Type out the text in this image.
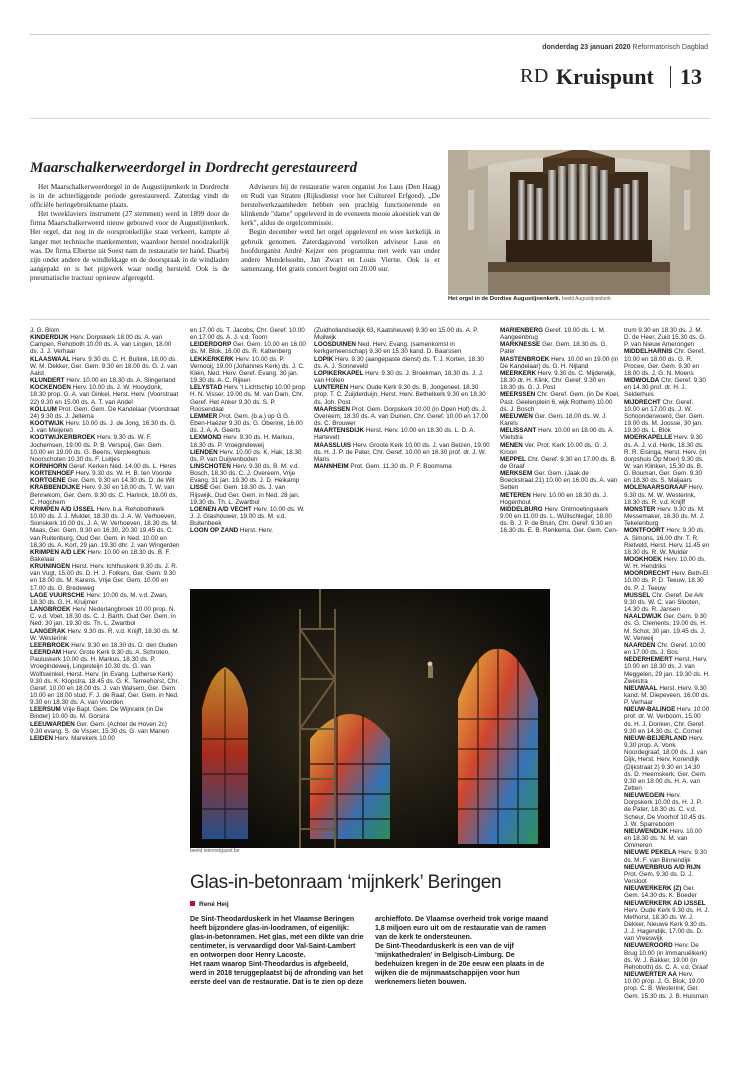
donderdag 23 januari 2020 Reformatorisch Dagblad
RD Kruispunt 13
Maarschalkerweerdorgel in Dordrecht gerestaureerd

Het Maarschalkerweerdorgel in de Augustijnenkerk in Dordrecht is in de achterliggende periode gerestaureerd. Zaterdag vindt de officiële heringebruikname plaats.

Het tweeklaviers instrument (27 stemmen) werd in 1899 door de firma Maarschalkerweerd nieuw gebouwd voor de Augustijnenkerk. Het orgel, dat nog in de oorspronkelijke staat verkeert, kampte al langer met technische mankementen, waardoor herstel noodzakelijk was. De firma Elbertse uit Soest nam de restauratie ter hand. Daarbij zijn onder andere de windlekkage en de doorspraak in de windladen aangepakt en is het pijpwerk waar nodig hersteld. Ook is de pneumatische tractuur opnieuw afgeregeld.

Adviseurs bij de restauratie waren organist Jos Laus (Den Haag) en Rudi van Straten (Rijksdienst voor het Cultureel Erfgoed). „De herstelwerkzaamheden hebben een prachtig functionerende en klinkende "dame" opgeleverd in de eveneens mooie akoestiek van de kerk", aldus de orgelcommissie.

Begin december werd het orgel opgeleverd en weer kerkelijk in gebruik genomen. Zaterdagavond vertolken adviseur Laus en hoofdorganist André Kejzer een programma met werk van onder andere Mendelssohn, Jan Zwart en Louis Vierne. Ook is er samenzang. Het gratis concert begint om 20.00 uur.

Het orgel in de Dordtse Augustijnenkerk. beeld Augustijnenkerk

J. G. Blom

KINDERDIJK Herv. Dorpskerk 18.00 ds. A. van Campen, Rehoboth 10.00 ds. A. van Lingen, 18.00 ds. J. J. Verhaar

KLAASWAAL Herv. 9.30 ds. C. H. Buitink, 18.00 ds. W. M. Dekker, Ger. Gem. 9.30 en 18.00 ds. G. J. van Aalst

KLUNDERT Herv. 10.00 en 18.30 ds. A. Slingerland

KOCKENGEN Herv. 10.00 ds. J. W. Hooydonk, 18.30 prop. G. A. van Ginkel, Herst. Herv. (Voorstraat 22) 9.30 en 15.00 ds. A. T. van Andel

KOLLUM Prot. Gem. Gem. De Kandelaar (Voorstraat 24) 9.30 ds. J. Jeltema

KOOTWIJK Herv. 10.00 ds. J. de Jong, 16.30 ds. G. J. van Meijeren

KOOTWIJKERBROEK Herv. 9.30 ds. W. F. Jochemsen, 19.00 ds. P. B. Verspuij, Ger. Gem. 10.00 en 19.00 ds. G. Beens, Verpleeghuis Noorschoten 10.30 ds. F. Luitjes

KORNHORN Geref. Kerken Ned. 14.00 ds. L. Heres

KORTENHOEF Herv. 9.30 ds. W. H. B. ten Voorde

KORTGENE Ger. Gem. 9.30 en 14.30 ds. D. de Wit

KRABBENDIJKE Herv. 9.30 en 18.00 ds. T. W. van Bennekom, Ger. Gem. 9.30 ds. C. Harinck, 18.00 ds. C. Hogchem

KRIMPEN A/D IJSSEL Herv. b.a. Rehobothkerk 10.00 ds. J. J. Mulder, 18.30 ds. J. A. W. Verhoeven, Sionskerk 10.00 ds. J. A. W. Verhoeven, 18.30 ds. M. Maas, Ger. Gem. 9.30 en 16.30, 20.30 19.45 ds. C. van Ruitenburg, Oud Ger. Gem. in Ned. 10.00 en 18.30 ds. A. Kort, 29 jan. 19.30 dhr. J. van Wingerden

KRIMPEN A/D LEK Herv. 10.00 en 18.30 ds. B. F. Bakelaar

KRUININGEN Herst. Herv. Ichthuskerk 9.30 ds. J. R. van Vugt, 15.00 ds. D. H. J. Folkers, Ger. Gem. 9.30 en 18.00 ds. M. Karens, Vrije Ger. Gem. 10.00 en 17.00 ds. G. Bredeweg

LAGE VUURSCHE Herv. 10.00 ds. M. v.d. Zwan, 18.30 ds. G. H. Kruijmer

LANGBROEK Herv. Nederlangbroek 10.00 prop. N. C. v.d. Voet, 18.30 ds. C. J. Barth, Oud Ger. Gem. in Ned. 30 jan. 19.30 ds. Th. L. Zwartbol

LANGERAK Herv. 9.30 ds. R. v.d. Knijff, 18.30 ds. M. W. Westerink

LEERBROEK Herv. 9.30 en 18.30 ds. D. den Ouden

LEERDAM Herv. Grote Kerk 9.30 ds. A. Schroten, Pauluskerk 10.00 ds. H. Markus, 18.30 ds. P. Vroegindeweij, Lingesteijn 10.30 ds. G. van Wolfswinkel, Herst. Herv. (in Evang. Lutherse Kerk) 9.30 ds. K. Klopstra, 18.45 ds. G. K. Terreehorst, Chr. Geref. 10.00 en 18.00 ds. J. van Walsem, Ger. Gem. 10.00 en 18.00 stud. F. J. de Raaf, Ger. Gem. in Ned. 9.30 en 18.30 ds. A. van Voorden

LEERSUM Vrije Bapt. Gem. De Wijnrank (in De Binder) 10.00 ds. M. Gorsira

LEEUWARDEN Ger. Gem. (Achter de Hoven 2c) 9.30 evang. S. de Visser, 15.30 ds. G. van Manen

LEIDEN Herv. Marekerk 10.00

en 17.00 ds. T. Jacobs, Chr. Geref. 10.00 en 17.00 ds. A. J. v.d. Toorn

LEIDERDORP Ger. Gem. 10.00 en 16.00 ds. M. Blok, 16.00 ds. R. Kattenberg

LEKKERKERK Herv. 10.00 ds. P. Vernooij, 19.00 (Johannes Kerk) ds. J. C. Klein, Ned. Herv. Geref. Evang. 30 jan. 19.30 ds. A. C. Rijken

LELYSTAD Herv. 't Lichtschip 10.00 prop. H. N. Visser, 19.00 ds. M. van Dam, Chr. Geref. Het Anker 9.30 ds. S. P. Roosendaal

LEMMER Prot. Gem. (b.a.) op G.G. Eben-Haëzer 9.30 ds. G. Oberink, 16.00 ds. J. A. A. Geerts

LEXMOND Herv. 9.30 ds. H. Markus, 18.30 ds. P. Vroegindeweij

LIENDEN Herv. 10.00 ds. K. Hak, 18.30 ds. P. van Duijvenboden

LINSCHOTEN Herv. 9.30 ds. B. M. v.d. Bosch, 18.30 ds. C. J. Overeem, Vrije Evang. 31 jan. 19.30 ds. J. D. Heikamp

LISSE Ger. Gem. 18.30 ds. J. van Rijswijk, Oud Ger. Gem. in Ned. 28 jan. 19.30 ds. Th. L. Zwartbol

LOENEN A/D VECHT Herv. 10.00 ds. W. J. J. Glashouwer, 19.00 ds. M. v.d. Buitenbeek

LOON OP ZAND Herst. Herv.

(Zuidhollandsedijk 63, Kaatsheuvel) 9.30 en 15.00 ds. A. P. Muilwijk

LOOSDUINEN Ned. Herv. Evang. (samenkomst in kerkgemeenschap) 9.30 en 15.30 kand. D. Baarssen

LOPIK Herv. 9.30 (aangepaste dienst) ds. T. J. Korten, 18.30 ds. A. J. Sonneveld

LOPIKERKAPEL Herv. 9.30 ds. J. Broekman, 18.30 ds. J. J. van Holten

LUNTEREN Herv. Oude Kerk 9.30 ds. B. Jongeneel, 18.30 prop. T. C. Zuijderduijn, Herst. Herv. Bethelkerk 9.30 en 18.30 ds. Joh. Post

MAARSSEN Prot. Gem. Dorpskerk 10.00 (in Open Hof) ds. J. Overeem, 18.30 ds. A. van Duinen, Chr. Geref. 10.00 en 17.00 ds. C. Brouwer

MAARTENSDIJK Herst. Herv. 10.00 en 18.30 ds. L. D. A. Hartevelt

MAASSLUIS Herv. Groote Kerk 10.00 ds. J. van Belzen, 19.00 ds. H. J. P. de Pater, Chr. Geref. 10.00 en 16.30 prof. dr. J. W. Maris

MANNHEIM Prot. Gem. 11.30 ds. P. F. Boomsma

MARIËNBERG Geref. 19.00 ds. L. M. Aangeenbrug

MARKNESSE Ger. Gem. 18.30 ds. G. Pater

MASTENBROEK Herv. 10.00 en 19.00 (in De Kandelaar) ds. G. H. Nijland

MEERKERK Herv. 9.30 ds. C. Mijderwijk, 18.30 dr. H. Klink, Chr. Geref. 9.30 en 18.30 ds. G. J. Post

MEERSSEN Chr. Geref. Gem. (in De Koel, Past. Geelenplein 6, wijk Rothem) 10.00 ds. J. Bosch

MEEUWEN Ger. Gem. 18.00 ds. W. J. Karels

MELISSANT Herv. 10.00 en 18.00 ds. A. Vlietstra

MENEN Ver. Prot. Kerk 10.00 ds. G. J. Kroon

MEPPEL Chr. Geref. 9.30 en 17.00 ds. B. de Graaf

MERKSEM Ger. Gem. (Jaak de Boeckstraat 21) 10.00 en 16.00 ds. A. van Setten

METEREN Herv. 10.00 en 18.30 ds. J. Hogenhout

MIDDELBURG Herv. Ontmoetingskerk 9.00 en 11.00 ds. L. Wüllschleger, 18.00 ds. B. J. P. de Bruin, Chr. Geref. 9.30 en 16.30 ds. E. B. Renkema, Ger. Gem. Cen-

trum 9.30 en 18.30 ds. J. M. D. de Heer, Zuid 15.30 ds. G. P. van Nieuw Amerongen

MIDDELHARNIS Chr. Geref. 10.00 en 18.00 ds. G. R. Procee, Ger. Gem. 9.30 en 18.00 ds. J. G. N. Moens

MIDWOLDA Chr. Geref. 9.30 en 14.30 prof. dr. H. J. Selderhuis

MIJDRECHT Chr. Geref. 10.00 en 17.00 ds. J. W. Schoonderwoerd, Ger. Gem. 19.00 ds. M. Joosse, 30 jan. 19.30 ds. L. Blok

MOERKAPELLE Herv. 9.30 ds. A. J. v.d. Herik, 18.30 ds. R. R. Eisinga, Herst. Herv. (in dorpshuis Op Moer) 9.30 ds. W. van Klinken, 15.30 ds. B. D. Bouman, Ger. Gem. 9.30 en 18.30 ds. S. Maljaars

MOLENAARSGRAAF Herv. 9.30 ds. M. W. Westerink, 18.30 ds. R. v.d. Knijff

MONSTER Herv. 9.30 ds. M. Messemaker, 16.30 ds. M. J. Tekelenburg

MONTFOORT Herv. 9.30 ds. A. Simons, 16.00 dhr. T. R. Rietveld, Herst. Herv. 11.45 en 18.30 ds. R. W. Mulder

MOOKHOEK Herv. 10.00 ds. W. H. Hendriks

MOORDRECHT Herv. Beth-El 10.00 ds. P. D. Teeuw, 18.30 ds. P. J. Teeuw

MUSSEL Chr. Geref. De Ark 9.30 ds. W. C. van Slooten, 14.30 ds. R. Jansen

NAALDWIJK Ger. Gem. 9.30 ds. G. Clements, 19.00 ds. H. M. Schot, 30 jan. 19.45 ds. J. W. Verweij

NAARDEN Chr. Geref. 10.00 en 17.00 ds. J. Bos

NEDERHEMERT Herst. Herv. 10.00 en 18.30 ds. J. van Meggelen, 29 jan. 19.30 ds. H. Zweistra

NIEUWAAL Herst. Herv. 9.30 kand. M. Diepeveen, 16.00 ds. P. Verhaar

NIEUW-BALINGE Herv. 10.00 prof. dr. W. Verboom, 15.00 ds. H. J. Donken, Chr. Geref. 9.30 en 14.30 ds. C. Cornet

NIEUW-BEIJERLAND Herv. 9.30 prop. A. Vonk Noordegraaf, 18.00 ds. J. van Dijk, Herst. Herv. Korendijk (Dijkstraat 2) 9.30 en 14.30 ds. D. Heemskerk, Ger. Gem. 9.30 en 18.00 ds. H. A. van Zetten

NIEUWEGEIN Herv. Dorpskerk 10.00 ds. H. J. P. de Pater, 18.30 ds. C. v.d. Scheur, De Voorhof 10.45 ds. J. W. Sparreboom

NIEUWENDIJK Herv. 10.00 en 18.30 ds. N. M. van Ommeren

NIEUWE PEKELA Herv. 9.30 ds. M. F. van Binnendijk

NIEUWERBRUG A/D RIJN Prot. Gem. 9.30 ds. D. J. Versloot

NIEUWERKERK (Z) Ger. Gem. 14.30 ds. K. Boeder

NIEUWERKERK AD IJSSEL Herv. Oude Kerk 9.30 ds. H. J. Methorst, 18.30 ds. W. J. Dekker, Nieuwe Kerk 9.30 ds. J. J. Hagendijk, 17.00 ds. D. van Vreeswijk

NIEUWEROORD Herv. De Brug 10.00 (in Immanuëlkerk) ds. W. J. Bakker, 19.00 (in Rehoboth) ds. C. A. v.d. Graaf

NIEUWERTER AA Herv. 10.00 prop. J. G. Blok, 19.00 prop. C. B. Westerink, Ger. Gem. 15.30 ds. J. B. Huisman

beeld internetgazet.be
Glas-in-betonraam ‘mijnkerk’ Beringen
René Heij

De Sint-Theodarduskerk in het Vlaamse Beringen heeft bijzondere glas-in-loodramen, of eigenlijk: glas-in-betonramen. Het glas, met een dikte van drie centimeter, is vervaardigd door Val-Saint-Lambert en ontworpen door Henry Lacoste.

Het raam waarop Sint-Theodardus is afgebeeld, werd in 2018 teruggeplaatst bij de afronding van het eerste deel van de restauratie. Dat is te zien op deze archieffoto. De Vlaamse overheid trok vorige maand 1,8 miljoen euro uit om de restauratie van de ramen van de kerk te ondersteunen.

De Sint-Theodarduskerk is een van de vijf ‘mijnkathedralen’ in Belgisch-Limburg. De bedehuizen kregen in de 20e eeuw een plaats in de wijken die de mijnmaatschappijen voor hun werknemers lieten bouwen.
